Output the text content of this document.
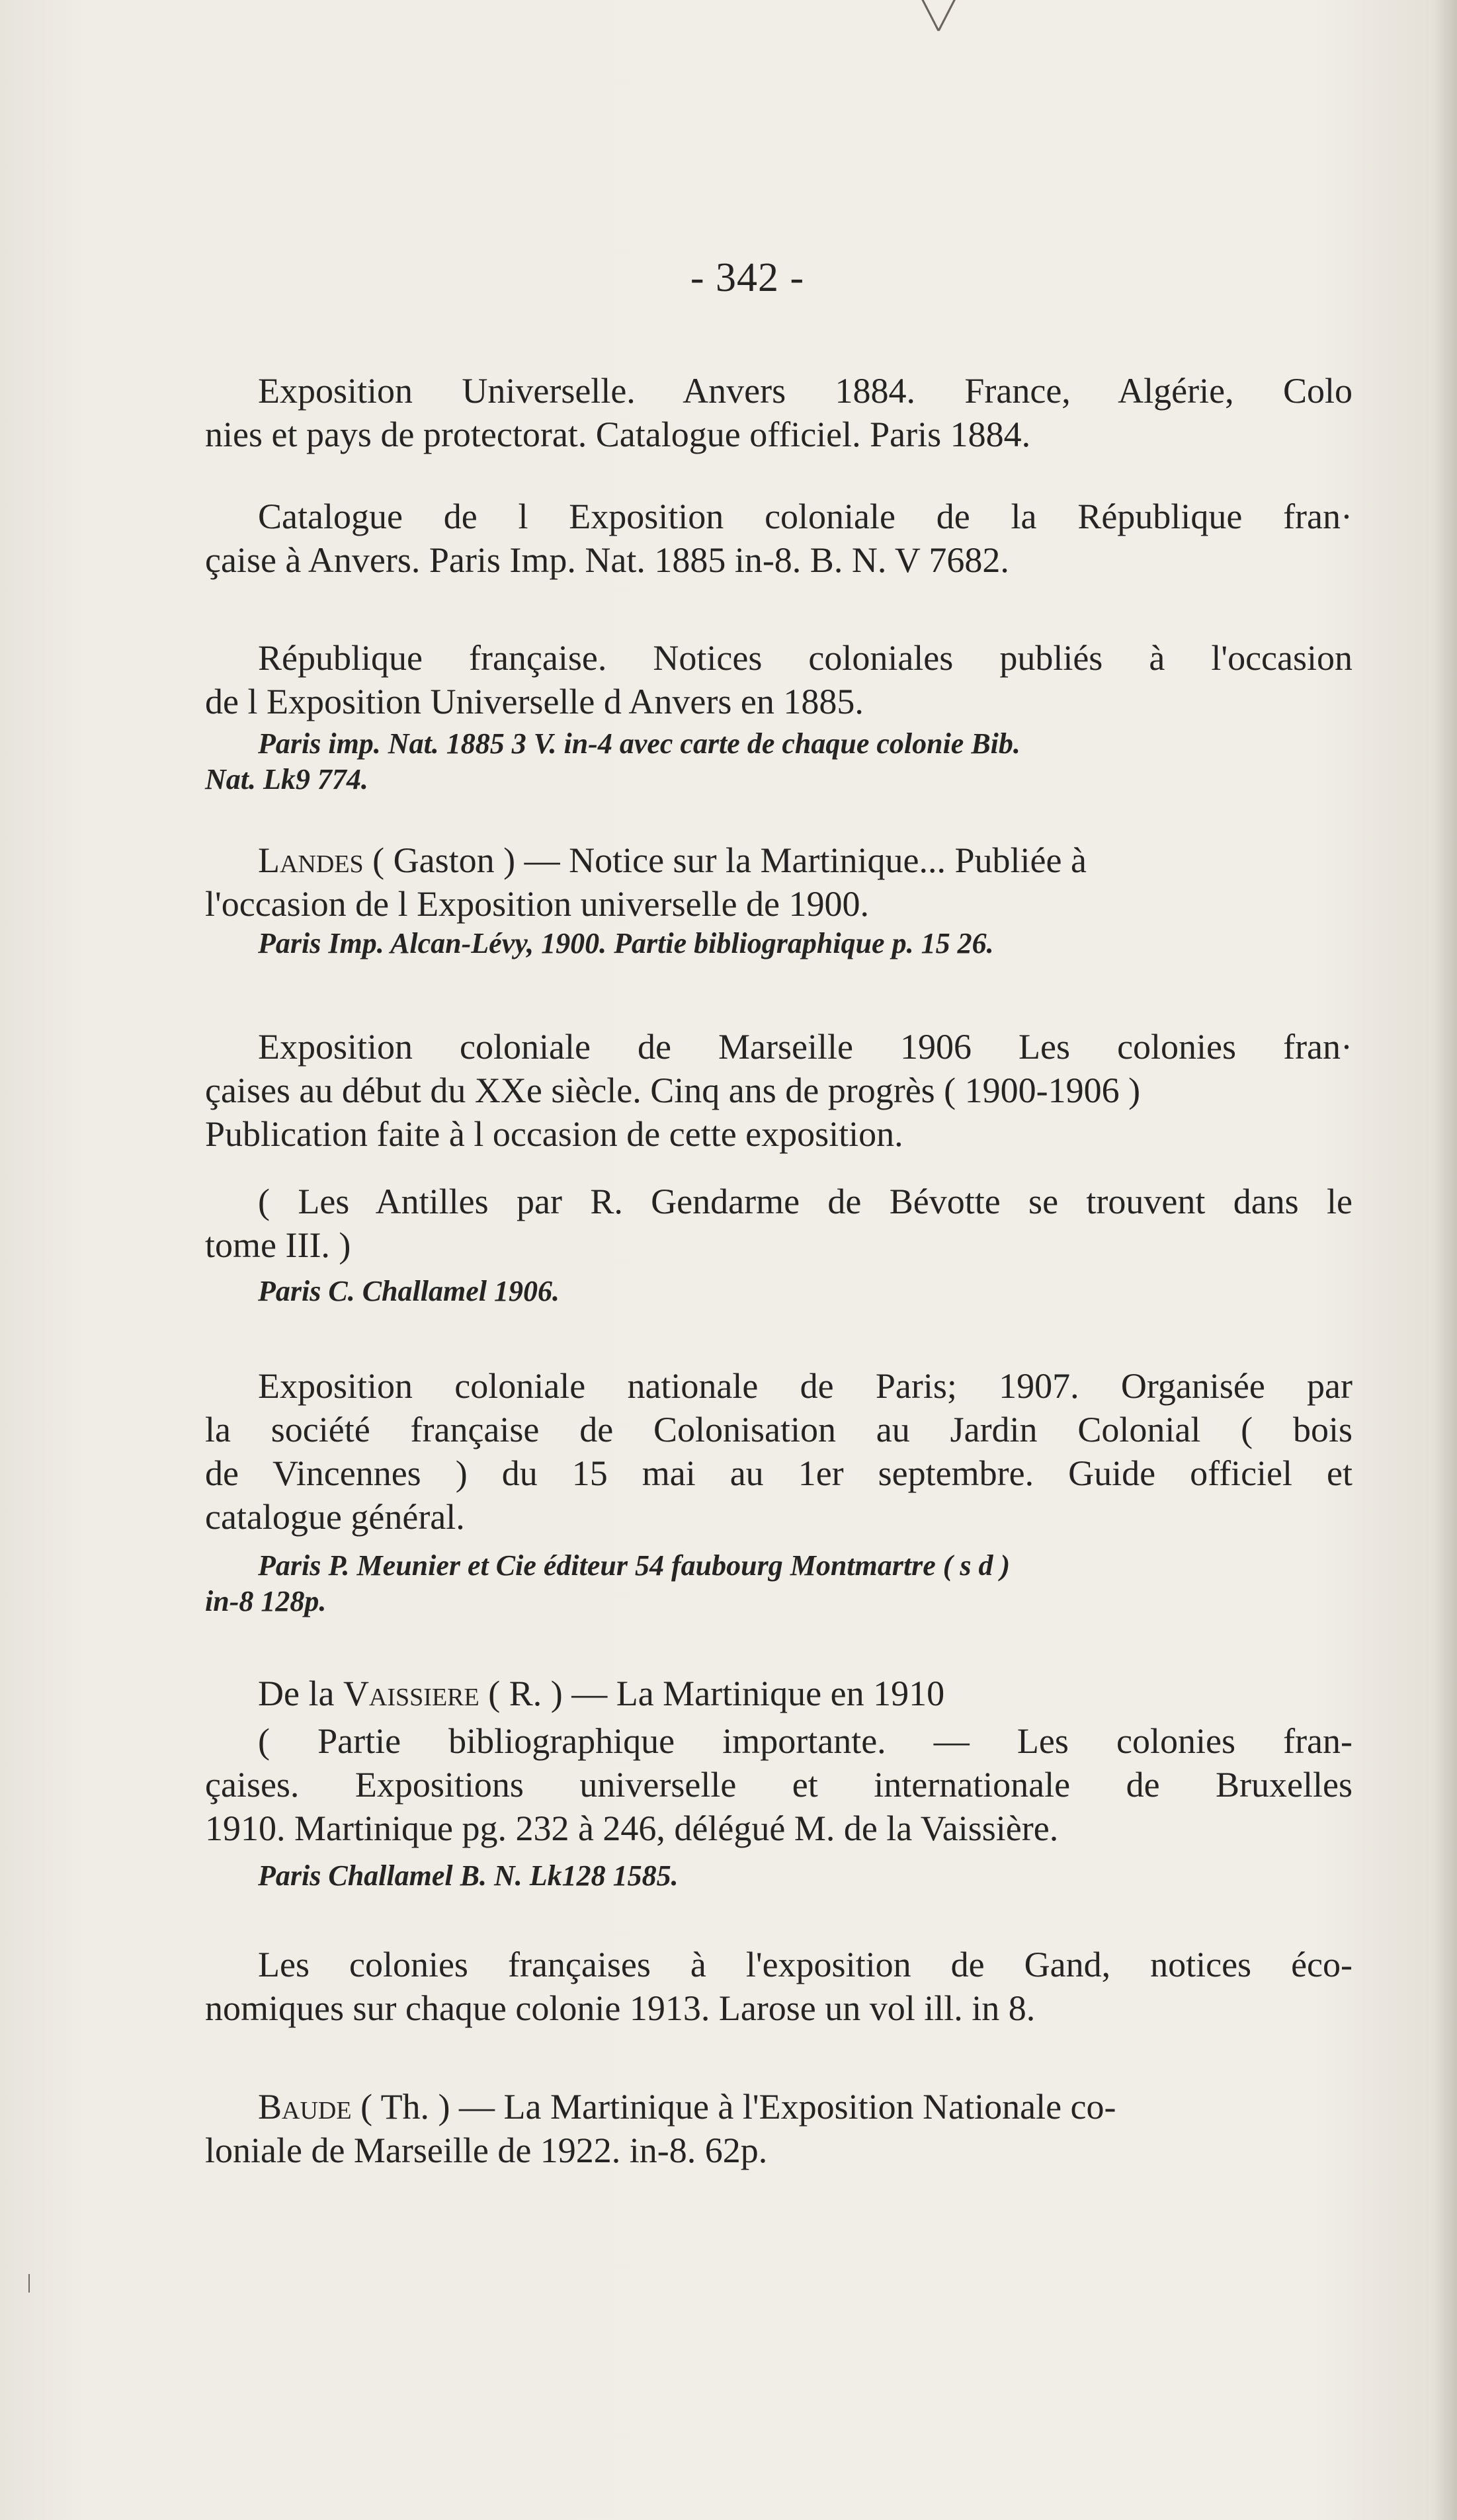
- 342 -
Exposition Universelle. Anvers 1884. France, Algérie, Colo
nies et pays de protectorat. Catalogue officiel. Paris 1884.
Catalogue de l Exposition coloniale de la République fran·
çaise à Anvers. Paris Imp. Nat. 1885 in-8. B. N. V 7682.
République française. Notices coloniales publiés à l'occasion
de l Exposition Universelle d Anvers en 1885.
Paris imp. Nat. 1885 3 V. in-4 avec carte de chaque colonie Bib.
Nat. Lk9 774.
Landes ( Gaston ) — Notice sur la Martinique... Publiée à
l'occasion de l Exposition universelle de 1900.
Paris Imp. Alcan-Lévy, 1900. Partie bibliographique p. 15 26.
Exposition coloniale de Marseille 1906 Les colonies fran·
çaises au début du XXe siècle. Cinq ans de progrès ( 1900-1906 )
Publication faite à l occasion de cette exposition.
( Les Antilles par R. Gendarme de Bévotte se trouvent dans le
tome III. )
Paris C. Challamel 1906.
Exposition coloniale nationale de Paris; 1907. Organisée par
la société française de Colonisation au Jardin Colonial ( bois
de Vincennes ) du 15 mai au 1er septembre. Guide officiel et
catalogue général.
Paris P. Meunier et Cie éditeur 54 faubourg Montmartre ( s d )
in-8 128p.
De la Vaissiere ( R. ) — La Martinique en 1910
( Partie bibliographique importante. — Les colonies fran-
çaises. Expositions universelle et internationale de Bruxelles
1910. Martinique pg. 232 à 246, délégué M. de la Vaissière.
Paris Challamel B. N. Lk128 1585.
Les colonies françaises à l'exposition de Gand, notices éco-
nomiques sur chaque colonie 1913. Larose un vol ill. in 8.
Baude ( Th. ) — La Martinique à l'Exposition Nationale co-
loniale de Marseille de 1922. in-8. 62p.
╲╱
ǀ
